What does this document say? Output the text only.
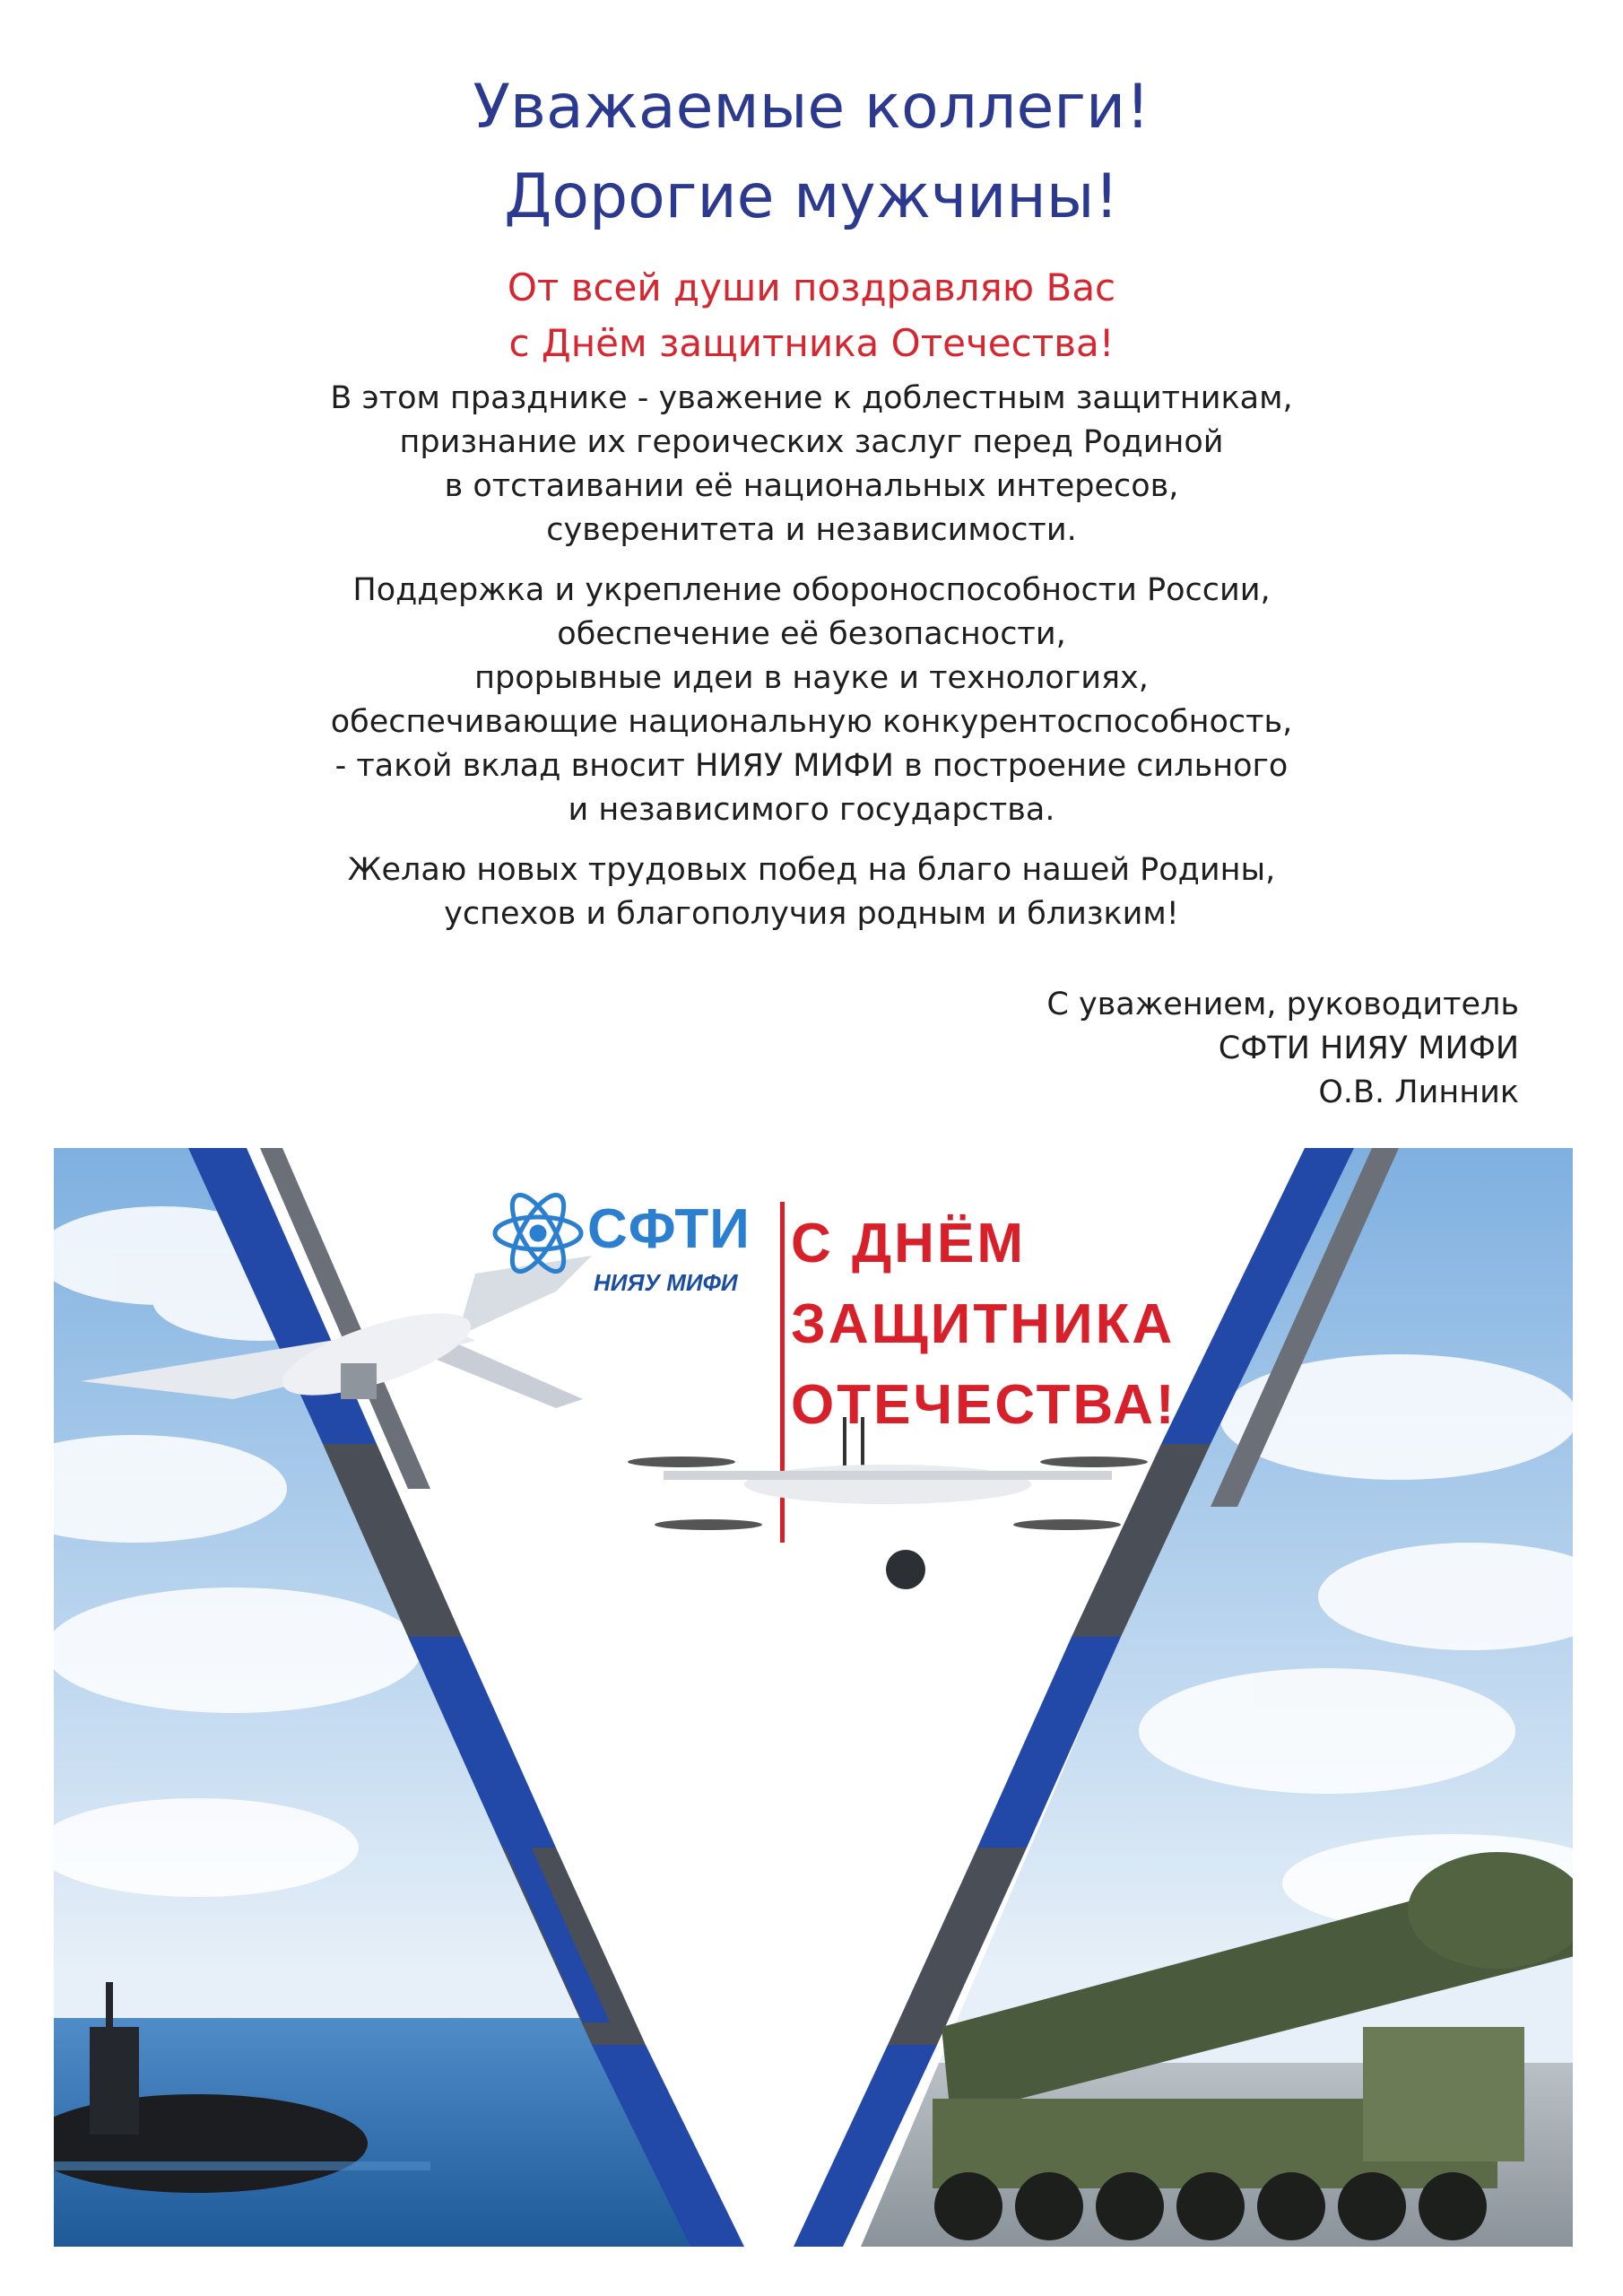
Уважаемые коллеги!
Дорогие мужчины!
От всей души поздравляю Вас
с Днём защитника Отечества!

В этом празднике - уважение к доблестным защитникам,
признание их героических заслуг перед Родиной
в отстаивании её национальных интересов,
суверенитета и независимости.

Поддержка и укрепление обороноспособности России,
обеспечение её безопасности,
прорывные идеи в науке и технологиях,
обеспечивающие национальную конкурентоспособность,
- такой вклад вносит НИЯУ МИФИ в построение сильного
и независимого государства.

Желаю новых трудовых побед на благо нашей Родины,
успехов и благополучия родным и близким!

С уважением, руководитель
СФТИ НИЯУ МИФИ
О.В. Линник
СФТИ
НИЯУ МИФИ
С ДНЁМ
ЗАЩИТНИКА
ОТЕЧЕСТВА!
